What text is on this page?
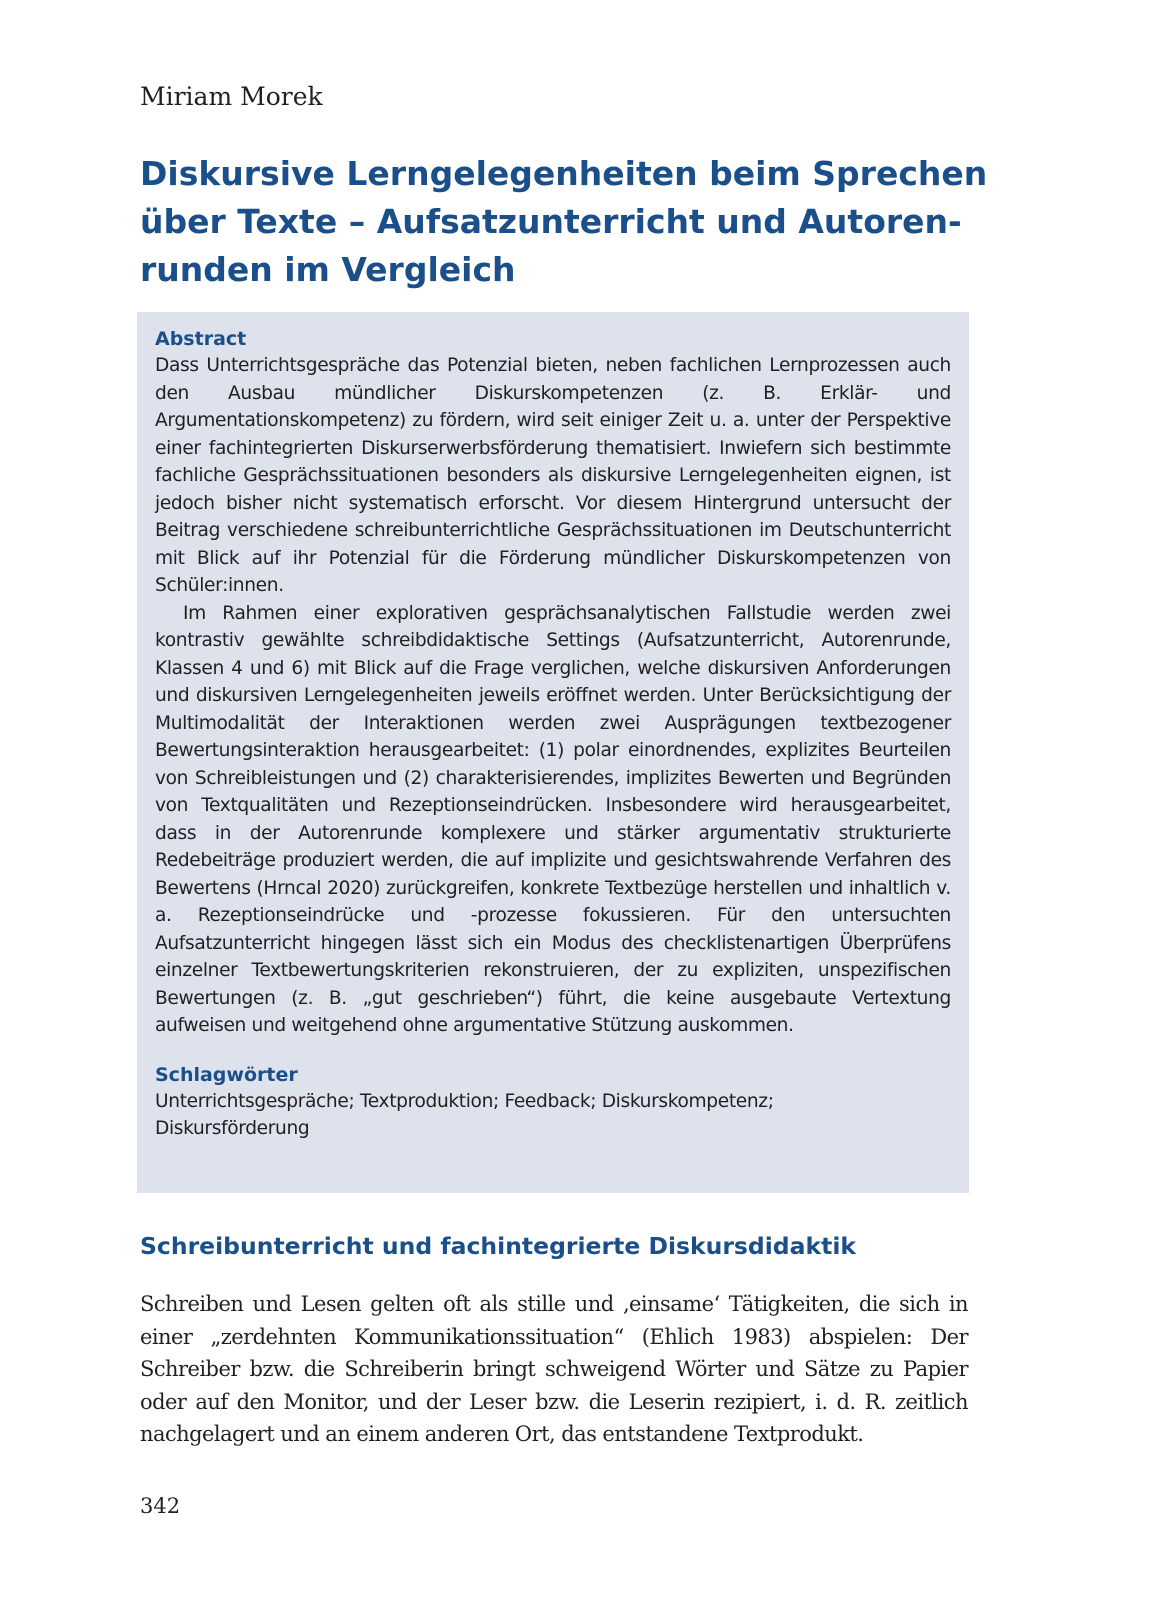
Miriam Morek

Diskursive Lerngelegenheiten beim Sprechen
über Texte – Aufsatzunterricht und Autoren-
runden im Vergleich
Abstract

Dass Unterrichtsgespräche das Potenzial bieten, neben fachlichen Lernprozessen auch den Ausbau mündlicher Diskurskompetenzen (z. B. Erklär- und Argumentationskompetenz) zu fördern, wird seit einiger Zeit u. a. unter der Perspektive einer fachintegrierten Diskurserwerbsförderung thematisiert. Inwiefern sich bestimmte fachliche Gesprächssituationen besonders als diskursive Lerngelegenheiten eignen, ist jedoch bisher nicht systematisch erforscht. Vor diesem Hintergrund untersucht der Beitrag verschiedene schreibunterrichtliche Gesprächssituationen im Deutschunterricht mit Blick auf ihr Potenzial für die Förderung mündlicher Diskurskompetenzen von Schüler:innen.

Im Rahmen einer explorativen gesprächsanalytischen Fallstudie werden zwei kontrastiv gewählte schreibdidaktische Settings (Aufsatzunterricht, Autorenrunde, Klassen 4 und 6) mit Blick auf die Frage verglichen, welche diskursiven Anforderungen und diskursiven Lerngelegenheiten jeweils eröffnet werden. Unter Berücksichtigung der Multimodalität der Interaktionen werden zwei Ausprägungen textbezogener Bewertungsinteraktion herausgearbeitet: (1) polar einordnendes, explizites Beurteilen von Schreibleistungen und (2) charakterisierendes, implizites Bewerten und Begründen von Textqualitäten und Rezeptionseindrücken. Insbesondere wird herausgearbeitet, dass in der Autorenrunde komplexere und stärker argumentativ strukturierte Redebeiträge produziert werden, die auf implizite und gesichtswahrende Verfahren des Bewertens (Hrncal 2020) zurückgreifen, konkrete Textbezüge herstellen und inhaltlich v. a. Rezeptionseindrücke und -prozesse fokussieren. Für den untersuchten Aufsatzunterricht hingegen lässt sich ein Modus des checklistenartigen Überprüfens einzelner Textbewertungskriterien rekonstruieren, der zu expliziten, unspezifischen Bewertungen (z. B. „gut geschrieben“) führt, die keine ausgebaute Vertextung aufweisen und weitgehend ohne argumentative Stützung auskommen.

Schlagwörter

Unterrichtsgespräche; Textproduktion; Feedback; Diskurskompetenz; Diskursförderung

Schreibunterricht und fachintegrierte Diskursdidaktik

Schreiben und Lesen gelten oft als stille und ‚einsame‘ Tätigkeiten, die sich in einer „zerdehnten Kommunikationssituation“ (Ehlich 1983) abspielen: Der Schreiber bzw. die Schreiberin bringt schweigend Wörter und Sätze zu Papier oder auf den Monitor, und der Leser bzw. die Leserin rezipiert, i. d. R. zeitlich nachgelagert und an einem anderen Ort, das entstandene Textprodukt.

342
